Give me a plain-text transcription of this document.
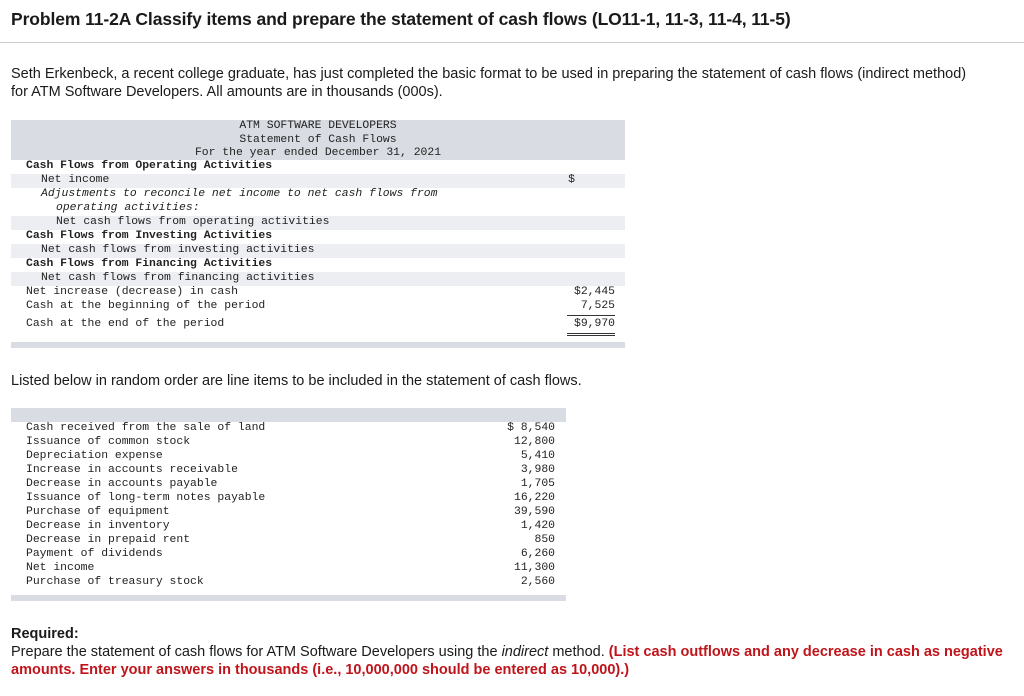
Problem 11-2A Classify items and prepare the statement of cash flows (LO11-1, 11-3, 11-4, 11-5)
Seth Erkenbeck, a recent college graduate, has just completed the basic format to be used in preparing the statement of cash flows (indirect method) for ATM Software Developers. All amounts are in thousands (000s).
ATM SOFTWARE DEVELOPERS
Statement of Cash Flows
For the year ended December 31, 2021
Cash Flows from Operating Activities
Net income	$
Adjustments to reconcile net income to net cash flows from
operating activities:
Net cash flows from operating activities
Cash Flows from Investing Activities
Net cash flows from investing activities
Cash Flows from Financing Activities
Net cash flows from financing activities
Net increase (decrease) in cash	$2,445
Cash at the beginning of the period	7,525
Cash at the end of the period	$9,970
Listed below in random order are line items to be included in the statement of cash flows.
Cash received from the sale of land	$ 8,540
Issuance of common stock	12,800
Depreciation expense	5,410
Increase in accounts receivable	3,980
Decrease in accounts payable	1,705
Issuance of long-term notes payable	16,220
Purchase of equipment	39,590
Decrease in inventory	1,420
Decrease in prepaid rent	850
Payment of dividends	6,260
Net income	11,300
Purchase of treasury stock	2,560
Required:
Prepare the statement of cash flows for ATM Software Developers using the indirect method. (List cash outflows and any decrease in cash as negative amounts. Enter your answers in thousands (i.e., 10,000,000 should be entered as 10,000).)
